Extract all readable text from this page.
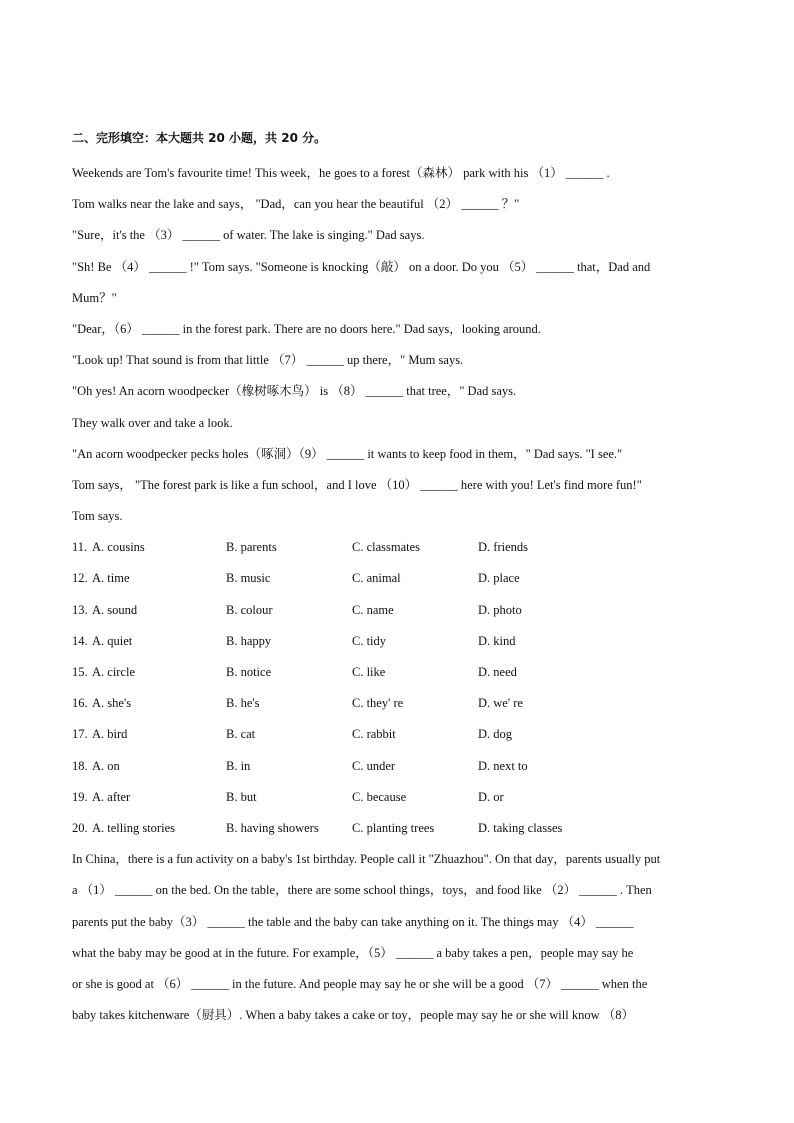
二、完形填空：本大题共 20 小题，共 20 分。
Weekends are Tom's favourite time! This week，he goes to a forest（森林） park with his （1） ______ .
Tom walks near the lake and says， "Dad，can you hear the beautiful （2） ______ ？"
"Sure，it's the （3） ______ of water. The lake is singing." Dad says.
"Sh! Be （4） ______ !" Tom says. "Someone is knocking（敲） on a door. Do you （5） ______ that，Dad and
Mum？"
"Dear，（6） ______ in the forest park. There are no doors here." Dad says，looking around.
"Look up! That sound is from that little （7） ______ up there，" Mum says.
"Oh yes! An acorn woodpecker（橡树啄木鸟） is （8） ______ that tree，" Dad says.
They walk over and take a look.
"An acorn woodpecker pecks holes（啄洞）（9） ______ it wants to keep food in them，" Dad says. "I see."
Tom says， "The forest park is like a fun school，and I love （10） ______ here with you! Let's find more fun!"
Tom says.
11. A. cousins	B. parents	C. classmates	D. friends
12. A. time	B. music	C. animal	D. place
13. A. sound	B. colour	C. name	D. photo
14. A. quiet	B. happy	C. tidy	D. kind
15. A. circle	B. notice	C. like	D. need
16. A. she's	B. he's	C. they' re	D. we' re
17. A. bird	B. cat	C. rabbit	D. dog
18. A. on	B. in	C. under	D. next to
19. A. after	B. but	C. because	D. or
20. A. telling stories	B. having showers	C. planting trees	D. taking classes
In China，there is a fun activity on a baby's 1st birthday. People call it "Zhuazhou". On that day，parents usually put
a （1） ______ on the bed. On the table，there are some school things，toys，and food like （2） ______ . Then
parents put the baby（3） ______ the table and the baby can take anything on it. The things may （4） ______
what the baby may be good at in the future. For example，（5） ______ a baby takes a pen，people may say he
or she is good at （6） ______ in the future. And people may say he or she will be a good （7） ______ when the
baby takes kitchenware（厨具）. When a baby takes a cake or toy，people may say he or she will know （8）
